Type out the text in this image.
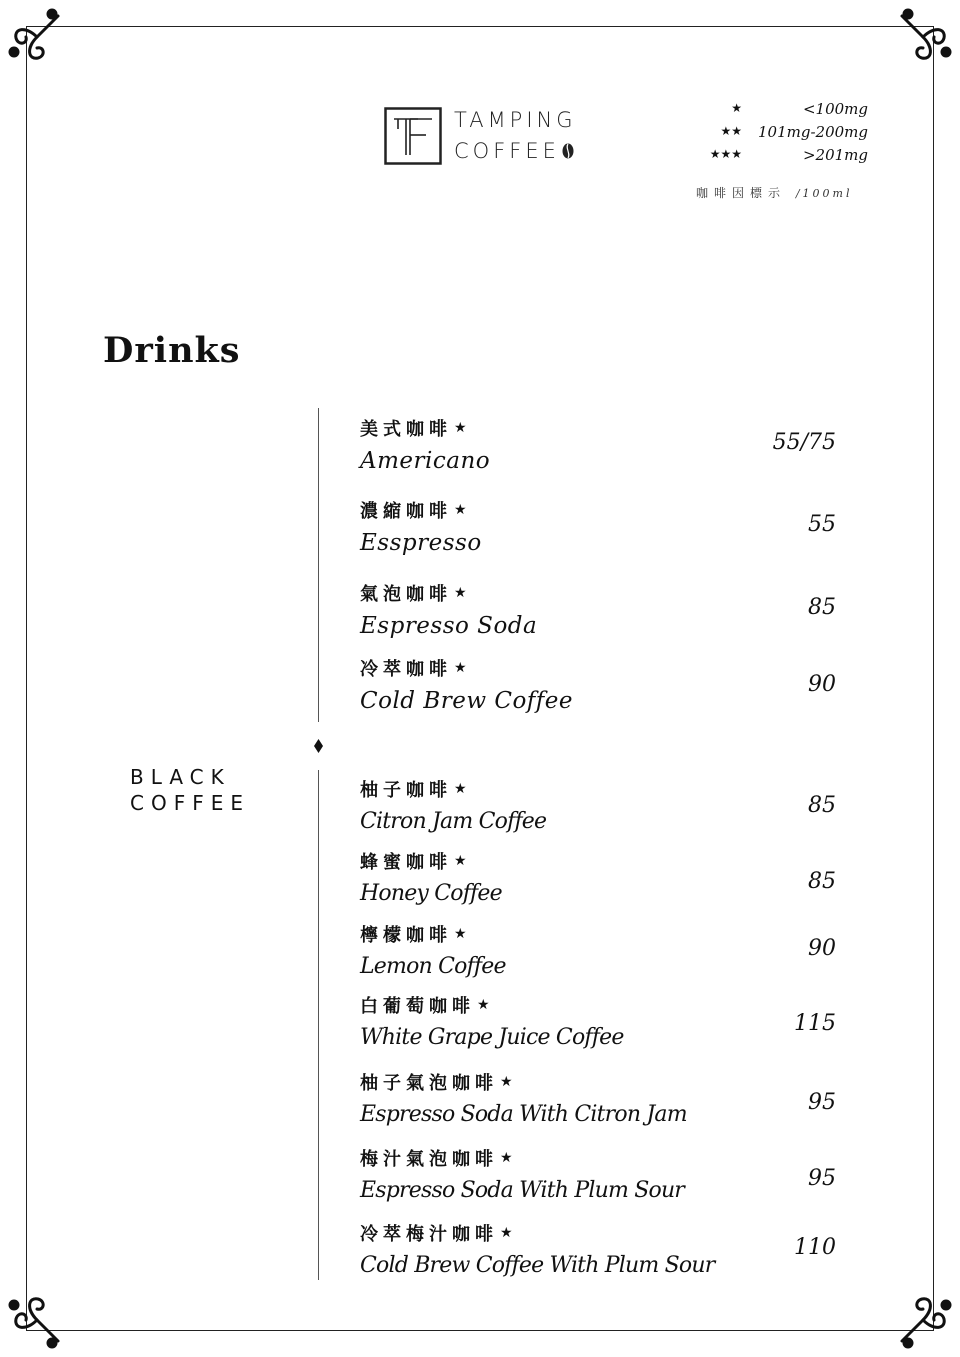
TAMPING
COFFEE
★	<100mg
★★ 101mg-200mg
★★★	>201mg
咖啡因標示 /100ml
Drinks
BLACK
COFFEE
美式咖啡 ★
Americano
55/75
濃縮咖啡 ★
Esspresso
55
氣泡咖啡 ★
Espresso Soda
85
冷萃咖啡 ★
Cold Brew Coffee
90
柚子咖啡 ★
Citron Jam Coffee
85
蜂蜜咖啡 ★
Honey Coffee	85
檸檬咖啡 ★
Lemon Coffee
90
白葡萄咖啡 ★
White Grape Juice Coffee
115
柚子氣泡咖啡 ★
Espresso Soda With Citron Jam	95
梅汁氣泡咖啡 ★
Espresso Soda With Plum Sour	95
冷萃梅汁咖啡 ★
Cold Brew Coffee With Plum Sour
110
